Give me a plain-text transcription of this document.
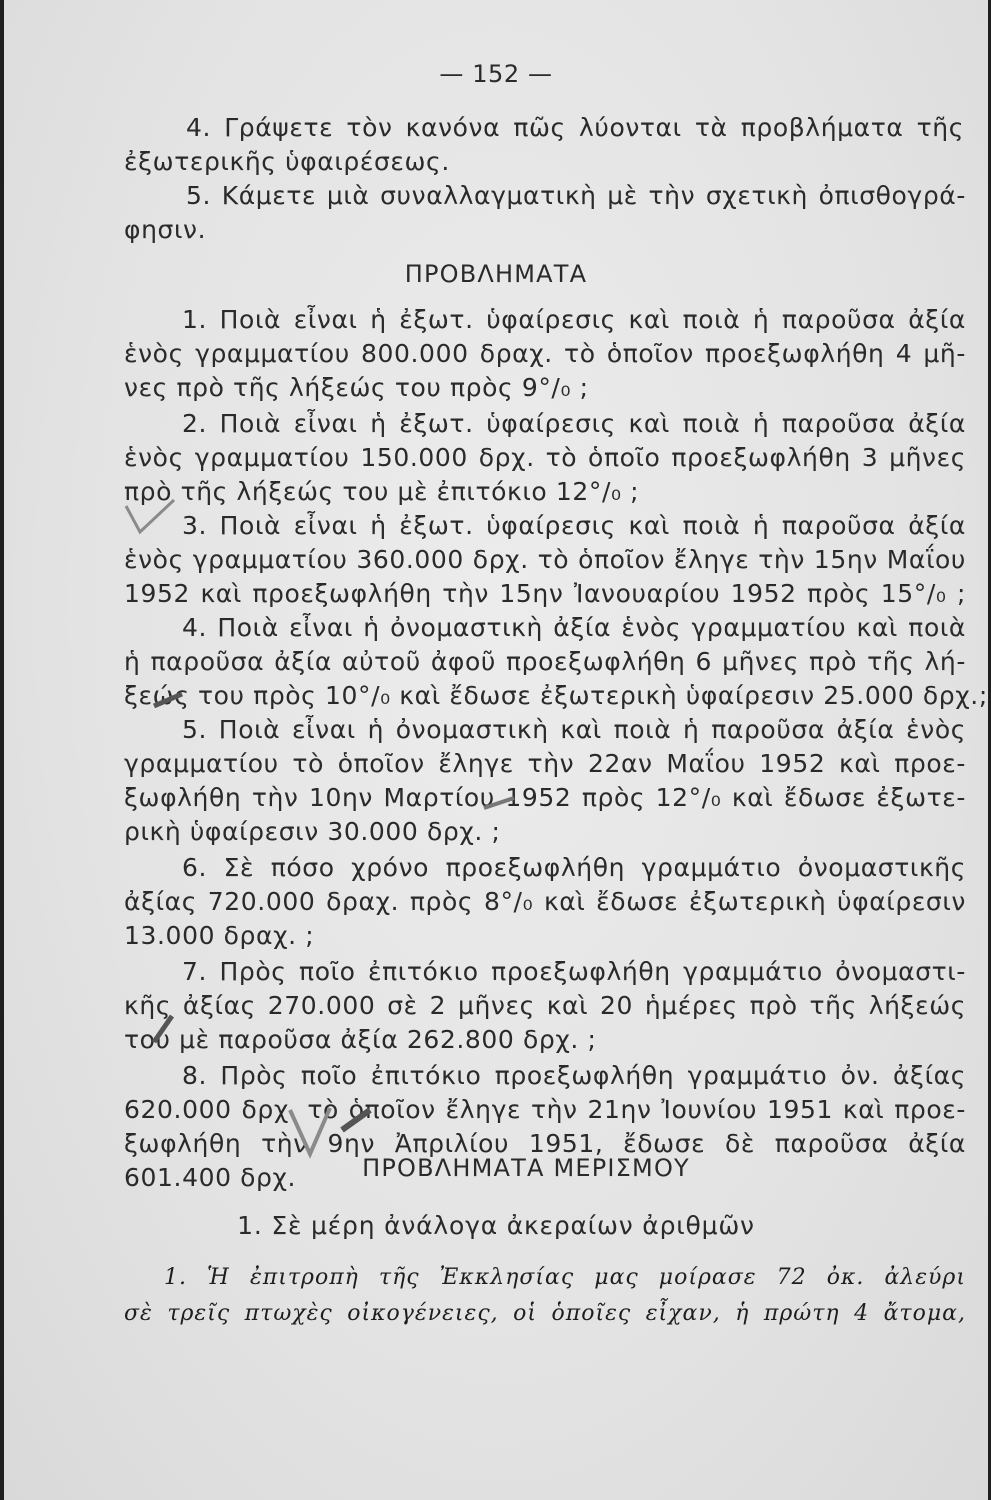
— 152 —
4. Γράψετε τὸν κανόνα πῶς λύονται τὰ προβλήματα τῆς
ἐξωτερικῆς ὑφαιρέσεως.
5. Κάμετε μιὰ συναλλαγματικὴ μὲ τὴν σχετικὴ ὀπισθογρά-
φησιν.
ΠΡΟΒΛΗΜΑΤΑ
1. Ποιὰ εἶναι ἡ ἐξωτ. ὑφαίρεσις καὶ ποιὰ ἡ παροῦσα ἀξία
ἑνὸς γραμματίου 800.000 δραχ. τὸ ὁποῖον προεξωφλήθη 4 μῆ-
νες πρὸ τῆς λήξεώς του πρὸς 9°/₀ ;
2. Ποιὰ εἶναι ἡ ἐξωτ. ὑφαίρεσις καὶ ποιὰ ἡ παροῦσα ἀξία
ἑνὸς γραμματίου 150.000 δρχ. τὸ ὁποῖο προεξωφλήθη 3 μῆνες
πρὸ τῆς λήξεώς του μὲ ἐπιτόκιο 12°/₀ ;
3. Ποιὰ εἶναι ἡ ἐξωτ. ὑφαίρεσις καὶ ποιὰ ἡ παροῦσα ἀξία
ἑνὸς γραμματίου 360.000 δρχ. τὸ ὁποῖον ἔληγε τὴν 15ην Μαΐου
1952 καὶ προεξωφλήθη τὴν 15ην Ἰανουαρίου 1952 πρὸς 15°/₀ ;
4. Ποιὰ εἶναι ἡ ὀνομαστικὴ ἀξία ἑνὸς γραμματίου καὶ ποιὰ
ἡ παροῦσα ἀξία αὐτοῦ ἀφοῦ προεξωφλήθη 6 μῆνες πρὸ τῆς λή-
ξεώς του πρὸς 10°/₀ καὶ ἔδωσε ἐξωτερικὴ ὑφαίρεσιν 25.000 δρχ.;
5. Ποιὰ εἶναι ἡ ὀνομαστικὴ καὶ ποιὰ ἡ παροῦσα ἀξία ἑνὸς
γραμματίου τὸ ὁποῖον ἔληγε τὴν 22αν Μαΐου 1952 καὶ προε-
ξωφλήθη τὴν 10ην Μαρτίου 1952 πρὸς 12°/₀ καὶ ἔδωσε ἐξωτε-
ρικὴ ὑφαίρεσιν 30.000 δρχ. ;
6. Σὲ πόσο χρόνο προεξωφλήθη γραμμάτιο ὀνομαστικῆς
ἀξίας 720.000 δραχ. πρὸς 8°/₀ καὶ ἔδωσε ἐξωτερικὴ ὑφαίρεσιν
13.000 δραχ. ;
7. Πρὸς ποῖο ἐπιτόκιο προεξωφλήθη γραμμάτιο ὀνομαστι-
κῆς ἀξίας 270.000 σὲ 2 μῆνες καὶ 20 ἡμέρες πρὸ τῆς λήξεώς
του μὲ παροῦσα ἀξία 262.800 δρχ. ;
8. Πρὸς ποῖο ἐπιτόκιο προεξωφλήθη γραμμάτιο ὀν. ἀξίας
620.000 δρχ. τὸ ὁποῖον ἔληγε τὴν 21ην Ἰουνίου 1951 καὶ προε-
ξωφλήθη τὴν 9ην Ἀπριλίου 1951, ἔδωσε δὲ παροῦσα ἀξία
601.400 δρχ.	ΠΡΟΒΛΗΜΑΤΑ ΜΕΡΙΣΜΟΥ
1. Σὲ μέρη ἀνάλογα ἀκεραίων ἀριθμῶν
1. Ἡ ἐπιτροπὴ τῆς Ἐκκλησίας μας μοίρασε 72 ὀκ. ἀλεύρι
σὲ τρεῖς πτωχὲς οἰκογένειες, οἱ ὁποῖες εἶχαν, ἡ πρώτη 4 ἄτομα,
